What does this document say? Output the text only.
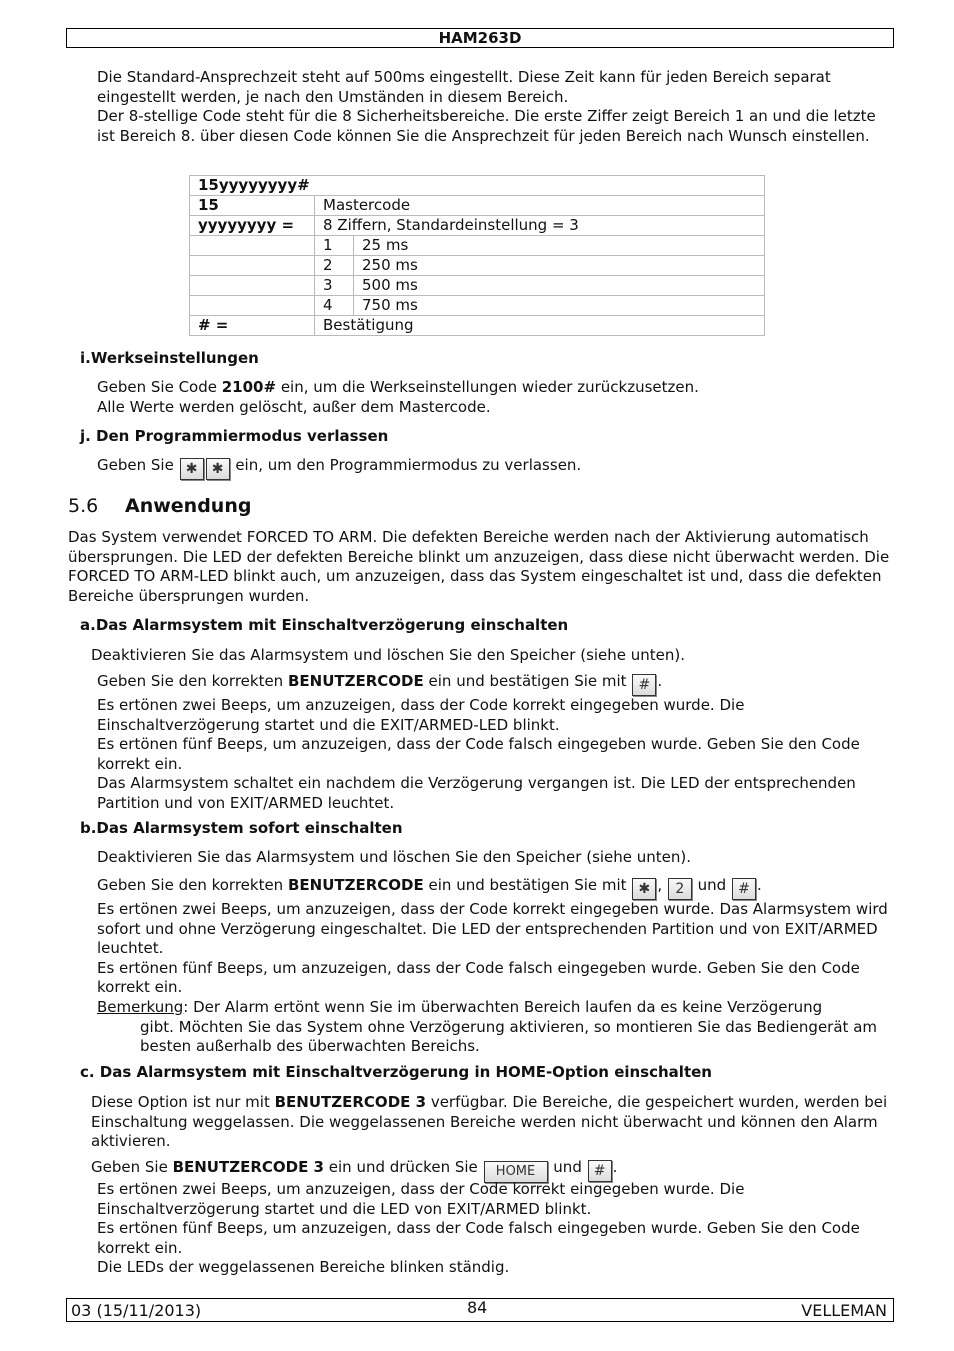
HAM263D

Die Standard-Ansprechzeit steht auf 500ms eingestellt. Diese Zeit kann für jeden Bereich separat eingestellt werden, je nach den Umständen in diesem Bereich.

Der 8-stellige Code steht für die 8 Sicherheitsbereiche. Die erste Ziffer zeigt Bereich 1 an und die letzte ist Bereich 8. über diesen Code können Sie die Ansprechzeit für jeden Bereich nach Wunsch einstellen.

15yyyyyyyy#		
15	Mastercode	
yyyyyyyy =	8 Ziffern, Standardeinstellung = 3	
	1	25 ms
	2	250 ms
	3	500 ms
	4	750 ms
# =	Bestätigung	
i.Werkseinstellungen

Geben Sie Code 2100# ein, um die Werkseinstellungen wieder zurückzusetzen.

Alle Werte werden gelöscht, außer dem Mastercode.

j. Den Programmiermodus verlassen
Geben Sie ✱ ✱ ein, um den Programmiermodus zu verlassen.
5.6 Anwendung

Das System verwendet FORCED TO ARM. Die defekten Bereiche werden nach der Aktivierung automatisch übersprungen. Die LED der defekten Bereiche blinkt um anzuzeigen, dass diese nicht überwacht werden. Die FORCED TO ARM-LED blinkt auch, um anzuzeigen, dass das System eingeschaltet ist und, dass die defekten Bereiche übersprungen wurden.

a.Das Alarmsystem mit Einschaltverzögerung einschalten

Deaktivieren Sie das Alarmsystem und löschen Sie den Speicher (siehe unten).

Geben Sie den korrekten BENUTZERCODE ein und bestätigen Sie mit # .

Es ertönen zwei Beeps, um anzuzeigen, dass der Code korrekt eingegeben wurde. Die Einschaltverzögerung startet und die EXIT/ARMED-LED blinkt.

Es ertönen fünf Beeps, um anzuzeigen, dass der Code falsch eingegeben wurde. Geben Sie den Code korrekt ein.

Das Alarmsystem schaltet ein nachdem die Verzögerung vergangen ist. Die LED der entsprechenden Partition und von EXIT/ARMED leuchtet.

b.Das Alarmsystem sofort einschalten

Deaktivieren Sie das Alarmsystem und löschen Sie den Speicher (siehe unten).

Geben Sie den korrekten BENUTZERCODE ein und bestätigen Sie mit ✱ , 2 und # .

Es ertönen zwei Beeps, um anzuzeigen, dass der Code korrekt eingegeben wurde. Das Alarmsystem wird sofort und ohne Verzögerung eingeschaltet. Die LED der entsprechenden Partition und von EXIT/ARMED leuchtet.

Es ertönen fünf Beeps, um anzuzeigen, dass der Code falsch eingegeben wurde. Geben Sie den Code korrekt ein.

Bemerkung: Der Alarm ertönt wenn Sie im überwachten Bereich laufen da es keine Verzögerung

gibt. Möchten Sie das System ohne Verzögerung aktivieren, so montieren Sie das Bediengerät am besten außerhalb des überwachten Bereichs.

c. Das Alarmsystem mit Einschaltverzögerung in HOME-Option einschalten

Diese Option ist nur mit BENUTZERCODE 3 verfügbar. Die Bereiche, die gespeichert wurden, werden bei Einschaltung weggelassen. Die weggelassenen Bereiche werden nicht überwacht und können den Alarm aktivieren.

Geben Sie BENUTZERCODE 3 ein und drücken Sie HOME und # .

Es ertönen zwei Beeps, um anzuzeigen, dass der Code korrekt eingegeben wurde. Die Einschaltverzögerung startet und die LED von EXIT/ARMED blinkt.

Es ertönen fünf Beeps, um anzuzeigen, dass der Code falsch eingegeben wurde. Geben Sie den Code korrekt ein.

Die LEDs der weggelassenen Bereiche blinken ständig.

03 (15/11/2013)	84	VELLEMAN
